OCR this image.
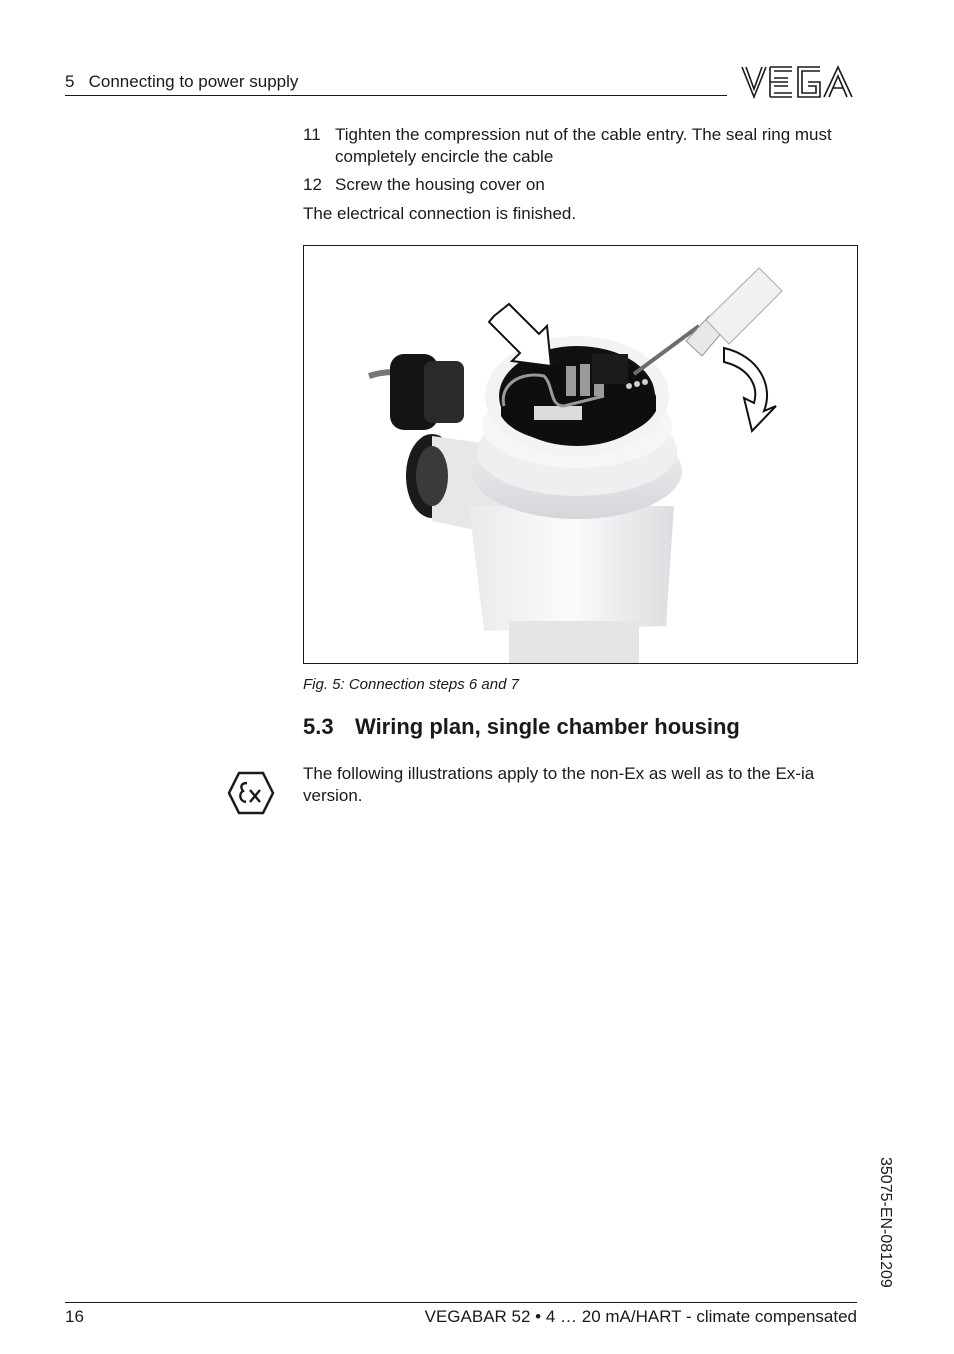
5   Connecting to power supply
11 Tighten the compression nut of the cable entry. The seal ring must completely encircle the cable
12 Screw the housing cover on
The electrical connection is finished.
Fig. 5: Connection steps 6 and 7
5.3 Wiring plan, single chamber housing
The following illustrations apply to the non-Ex as well as to the Ex-ia version.
35075-EN-081209
16	VEGABAR 52 • 4 … 20 mA/HART - climate compensated
